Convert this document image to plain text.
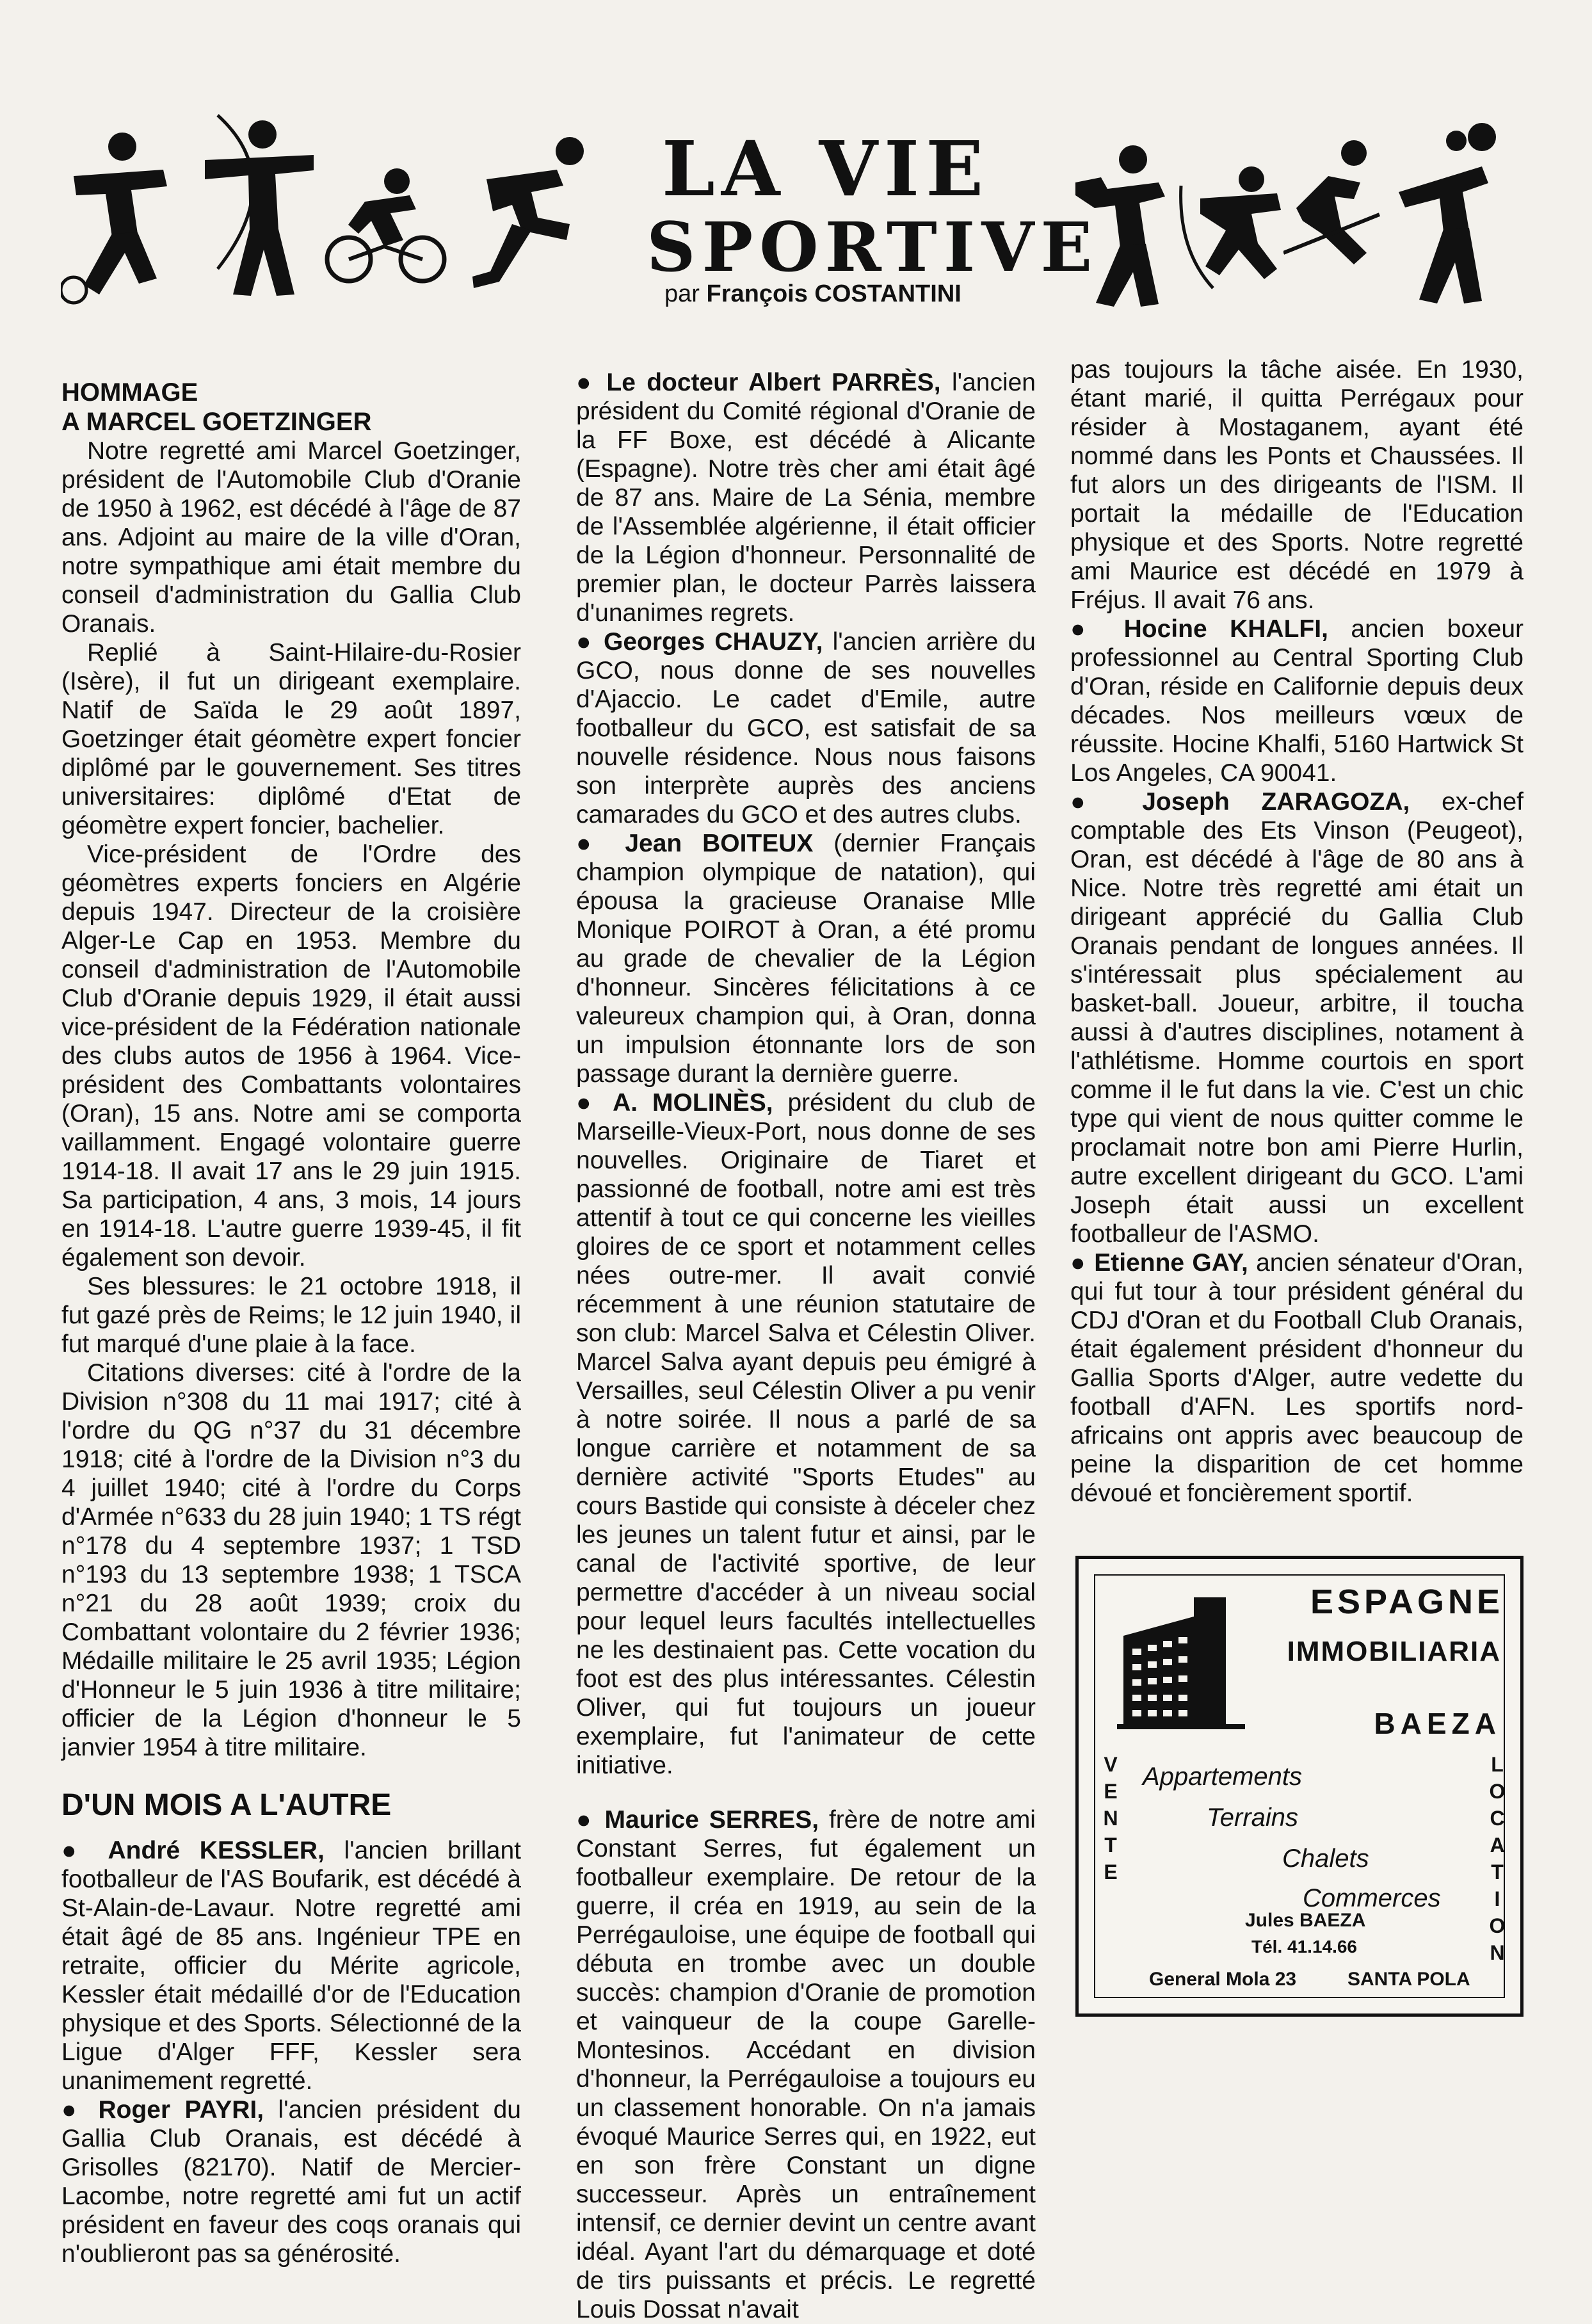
LA VIE
SPORTIVE
par François COSTANTINI

HOMMAGE

A MARCEL GOETZINGER

Notre regretté ami Marcel Goetzinger, président de l'Automobile Club d'Oranie de 1950 à 1962, est décédé à l'âge de 87 ans. Adjoint au maire de la ville d'Oran, notre sympathique ami était membre du conseil d'administration du Gallia Club Oranais.

Replié à Saint-Hilaire-du-Rosier (Isère), il fut un dirigeant exemplaire. Natif de Saïda le 29 août 1897, Goetzinger était géomètre expert foncier diplômé par le gouvernement. Ses titres universitaires: diplômé d'Etat de géomètre expert foncier, bachelier.

Vice-président de l'Ordre des géomètres experts fonciers en Algérie depuis 1947. Directeur de la croisière Alger-Le Cap en 1953. Membre du conseil d'administration de l'Automobile Club d'Oranie depuis 1929, il était aussi vice-président de la Fédération nationale des clubs autos de 1956 à 1964. Vice-président des Combattants volontaires (Oran), 15 ans. Notre ami se comporta vaillamment. Engagé volontaire guerre 1914-18. Il avait 17 ans le 29 juin 1915. Sa participation, 4 ans, 3 mois, 14 jours en 1914-18. L'autre guerre 1939-45, il fit également son devoir.

Ses blessures: le 21 octobre 1918, il fut gazé près de Reims; le 12 juin 1940, il fut marqué d'une plaie à la face.

Citations diverses: cité à l'ordre de la Division n°308 du 11 mai 1917; cité à l'ordre du QG n°37 du 31 décembre 1918; cité à l'ordre de la Division n°3 du 4 juillet 1940; cité à l'ordre du Corps d'Armée n°633 du 28 juin 1940; 1 TS régt n°178 du 4 septembre 1937; 1 TSD n°193 du 13 septembre 1938; 1 TSCA n°21 du 28 août 1939; croix du Combattant volontaire du 2 février 1936; Médaille militaire le 25 avril 1935; Légion d'Honneur le 5 juin 1936 à titre militaire; officier de la Légion d'honneur le 5 janvier 1954 à titre militaire.

D'UN MOIS A L'AUTRE

● André KESSLER, l'ancien brillant footballeur de l'AS Boufarik, est décédé à St-Alain-de-Lavaur. Notre regretté ami était âgé de 85 ans. Ingénieur TPE en retraite, officier du Mérite agricole, Kessler était médaillé d'or de l'Education physique et des Sports. Sélectionné de la Ligue d'Alger FFF, Kessler sera unanimement regretté.

● Roger PAYRI, l'ancien président du Gallia Club Oranais, est décédé à Grisolles (82170). Natif de Mercier-Lacombe, notre regretté ami fut un actif président en faveur des coqs oranais qui n'oublieront pas sa générosité.

● Le docteur Albert PARRÈS, l'ancien président du Comité régional d'Oranie de la FF Boxe, est décédé à Alicante (Espagne). Notre très cher ami était âgé de 87 ans. Maire de La Sénia, membre de l'Assemblée algérienne, il était officier de la Légion d'honneur. Personnalité de premier plan, le docteur Parrès laissera d'unanimes regrets.

● Georges CHAUZY, l'ancien arrière du GCO, nous donne de ses nouvelles d'Ajaccio. Le cadet d'Emile, autre footballeur du GCO, est satisfait de sa nouvelle résidence. Nous nous faisons son interprète auprès des anciens camarades du GCO et des autres clubs.

● Jean BOITEUX (dernier Français champion olympique de natation), qui épousa la gracieuse Oranaise Mlle Monique POIROT à Oran, a été promu au grade de chevalier de la Légion d'honneur. Sincères félicitations à ce valeureux champion qui, à Oran, donna un impulsion étonnante lors de son passage durant la dernière guerre.

● A. MOLINÈS, président du club de Marseille-Vieux-Port, nous donne de ses nouvelles. Originaire de Tiaret et passionné de football, notre ami est très attentif à tout ce qui concerne les vieilles gloires de ce sport et notamment celles nées outre-mer. Il avait convié récemment à une réunion statutaire de son club: Marcel Salva et Célestin Oliver. Marcel Salva ayant depuis peu émigré à Versailles, seul Célestin Oliver a pu venir à notre soirée. Il nous a parlé de sa longue carrière et notamment de sa dernière activité "Sports Etudes" au cours Bastide qui consiste à déceler chez les jeunes un talent futur et ainsi, par le canal de l'activité sportive, de leur permettre d'accéder à un niveau social pour lequel leurs facultés intellectuelles ne les destinaient pas. Cette vocation du foot est des plus intéressantes. Célestin Oliver, qui fut toujours un joueur exemplaire, fut l'animateur de cette initiative.

● Maurice SERRES, frère de notre ami Constant Serres, fut également un footballeur exemplaire. De retour de la guerre, il créa en 1919, au sein de la Perrégauloise, une équipe de football qui débuta en trombe avec un double succès: champion d'Oranie de promotion et vainqueur de la coupe Garelle-Montesinos. Accédant en division d'honneur, la Perrégauloise a toujours eu un classement honorable. On n'a jamais évoqué Maurice Serres qui, en 1922, eut en son frère Constant un digne successeur. Après un entraînement intensif, ce dernier devint un centre avant idéal. Ayant l'art du démarquage et doté de tirs puissants et précis. Le regretté Louis Dossat n'avait

pas toujours la tâche aisée. En 1930, étant marié, il quitta Perrégaux pour résider à Mostaganem, ayant été nommé dans les Ponts et Chaussées. Il fut alors un des dirigeants de l'ISM. Il portait la médaille de l'Education physique et des Sports. Notre regretté ami Maurice est décédé en 1979 à Fréjus. Il avait 76 ans.

● Hocine KHALFI, ancien boxeur professionnel au Central Sporting Club d'Oran, réside en Californie depuis deux décades. Nos meilleurs vœux de réussite. Hocine Khalfi, 5160 Hartwick St Los Angeles, CA 90041.

● Joseph ZARAGOZA, ex-chef comptable des Ets Vinson (Peugeot), Oran, est décédé à l'âge de 80 ans à Nice. Notre très regretté ami était un dirigeant apprécié du Gallia Club Oranais pendant de longues années. Il s'intéressait plus spécialement au basket-ball. Joueur, arbitre, il toucha aussi à d'autres disciplines, notament à l'athlétisme. Homme courtois en sport comme il le fut dans la vie. C'est un chic type qui vient de nous quitter comme le proclamait notre bon ami Pierre Hurlin, autre excellent dirigeant du GCO. L'ami Joseph était aussi un excellent footballeur de l'ASMO.

● Etienne GAY, ancien sénateur d'Oran, qui fut tour à tour président général du CDJ d'Oran et du Football Club Oranais, était également président d'honneur du Gallia Sports d'Alger, autre vedette du football d'AFN. Les sportifs nord-africains ont appris avec beaucoup de peine la disparition de cet homme dévoué et foncièrement sportif.

ESPAGNE
IMMOBILIARIA
BAEZA
V
E
N
T
E
L
O
C
A
T
I
O
N
Appartements
Terrains
Chalets
Commerces
Jules BAEZA
Tél. 41.14.66
General Mola 23	SANTA POLA
